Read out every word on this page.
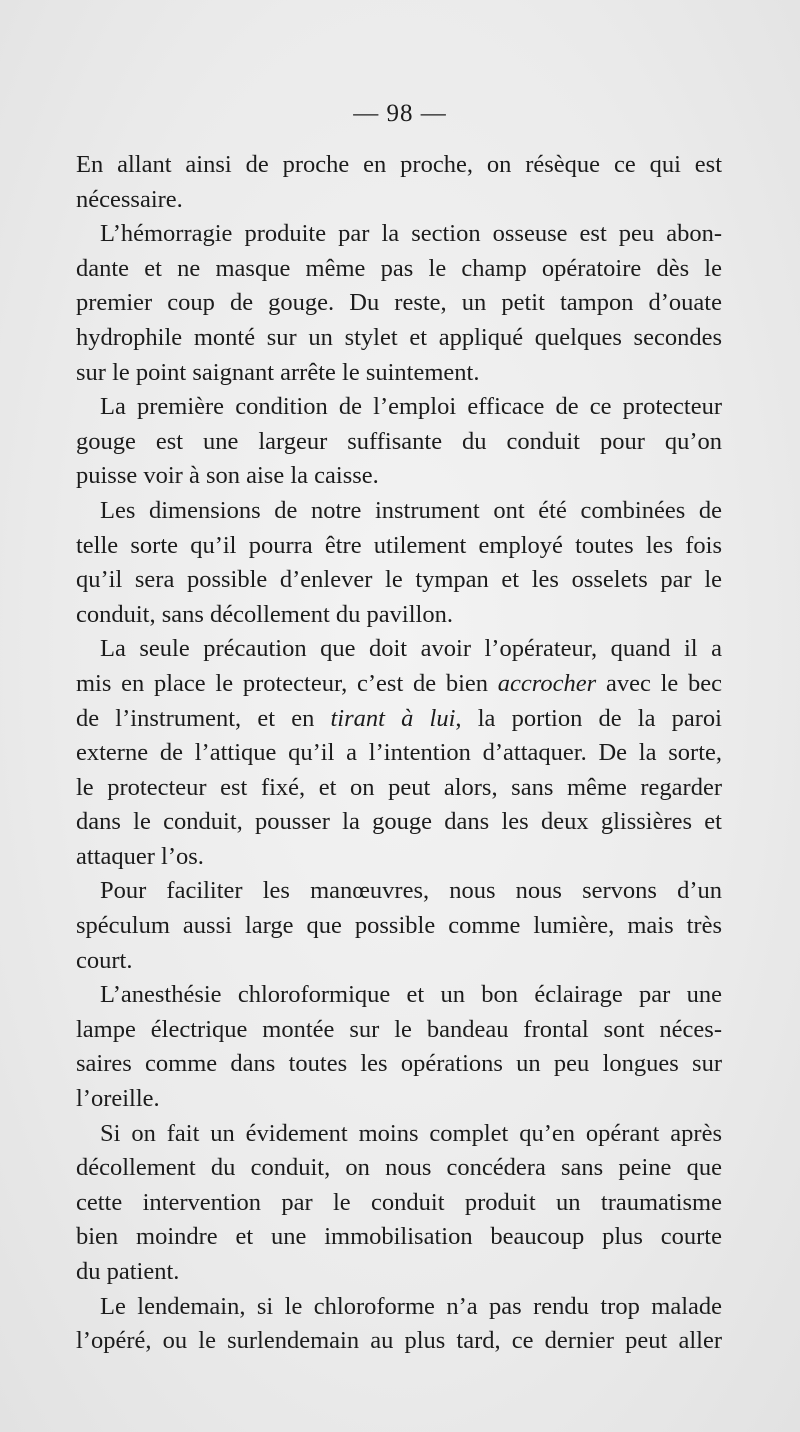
— 98 —

En allant ainsi de proche en proche, on résèque ce qui est
nécessaire.

L’hémorragie produite par la section osseuse est peu abon-
dante et ne masque même pas le champ opératoire dès le
premier coup de gouge. Du reste, un petit tampon d’ouate
hydrophile monté sur un stylet et appliqué quelques secondes
sur le point saignant arrête le suintement.

La première condition de l’emploi efficace de ce protecteur
gouge est une largeur suffisante du conduit pour qu’on
puisse voir à son aise la caisse.

Les dimensions de notre instrument ont été combinées de
telle sorte qu’il pourra être utilement employé toutes les fois
qu’il sera possible d’enlever le tympan et les osselets par le
conduit, sans décollement du pavillon.

La seule précaution que doit avoir l’opérateur, quand il a
mis en place le protecteur, c’est de bien accrocher avec le bec
de l’instrument, et en tirant à lui, la portion de la paroi
externe de l’attique qu’il a l’intention d’attaquer. De la sorte,
le protecteur est fixé, et on peut alors, sans même regarder
dans le conduit, pousser la gouge dans les deux glissières et
attaquer l’os.

Pour faciliter les manœuvres, nous nous servons d’un
spéculum aussi large que possible comme lumière, mais très
court.

L’anesthésie chloroformique et un bon éclairage par une
lampe électrique montée sur le bandeau frontal sont néces-
saires comme dans toutes les opérations un peu longues sur
l’oreille.

Si on fait un évidement moins complet qu’en opérant après
décollement du conduit, on nous concédera sans peine que
cette intervention par le conduit produit un traumatisme
bien moindre et une immobilisation beaucoup plus courte
du patient.

Le lendemain, si le chloroforme n’a pas rendu trop malade
l’opéré, ou le surlendemain au plus tard, ce dernier peut aller
